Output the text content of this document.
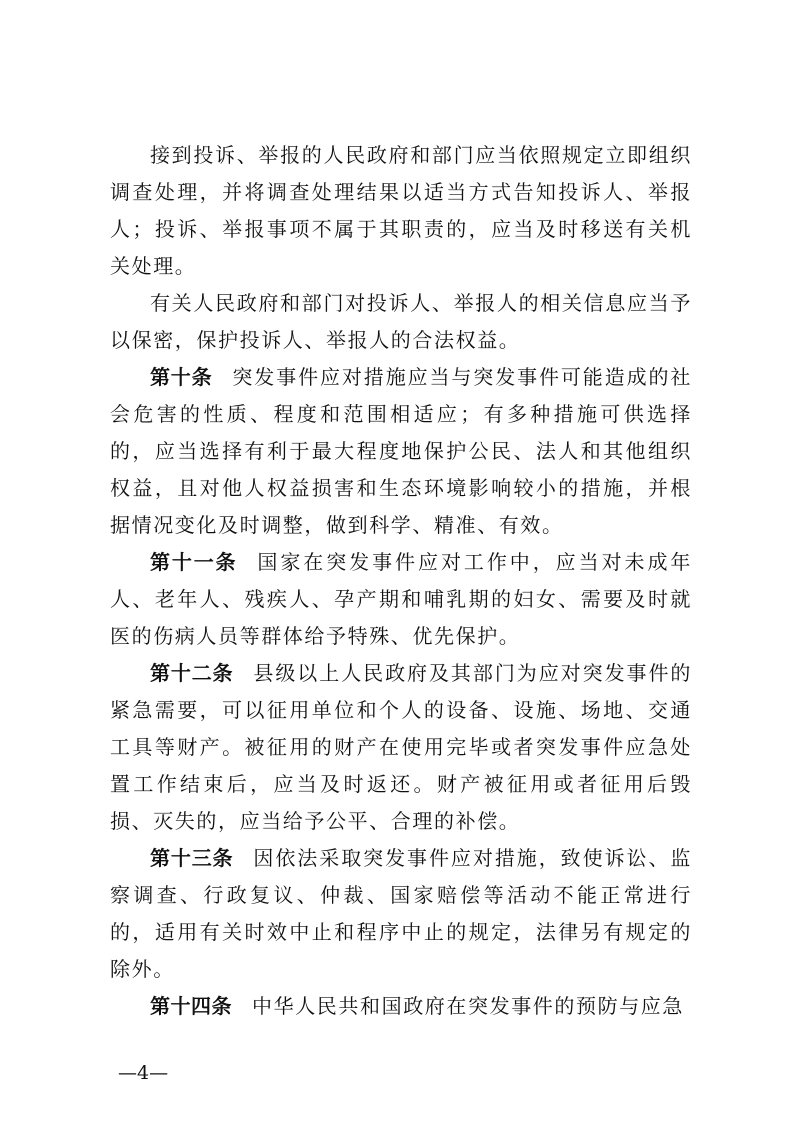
接到投诉、举报的人民政府和部门应当依照规定立即组织调查处理，并将调查处理结果以适当方式告知投诉人、举报人；投诉、举报事项不属于其职责的，应当及时移送有关机关处理。

有关人民政府和部门对投诉人、举报人的相关信息应当予以保密，保护投诉人、举报人的合法权益。

第十条 突发事件应对措施应当与突发事件可能造成的社会危害的性质、程度和范围相适应；有多种措施可供选择的，应当选择有利于最大程度地保护公民、法人和其他组织权益，且对他人权益损害和生态环境影响较小的措施，并根据情况变化及时调整，做到科学、精准、有效。

第十一条 国家在突发事件应对工作中，应当对未成年人、老年人、残疾人、孕产期和哺乳期的妇女、需要及时就医的伤病人员等群体给予特殊、优先保护。

第十二条 县级以上人民政府及其部门为应对突发事件的紧急需要，可以征用单位和个人的设备、设施、场地、交通工具等财产。被征用的财产在使用完毕或者突发事件应急处置工作结束后，应当及时返还。财产被征用或者征用后毁损、灭失的，应当给予公平、合理的补偿。

第十三条 因依法采取突发事件应对措施，致使诉讼、监察调查、行政复议、仲裁、国家赔偿等活动不能正常进行的，适用有关时效中止和程序中止的规定，法律另有规定的除外。

第十四条 中华人民共和国政府在突发事件的预防与应急

—4—
